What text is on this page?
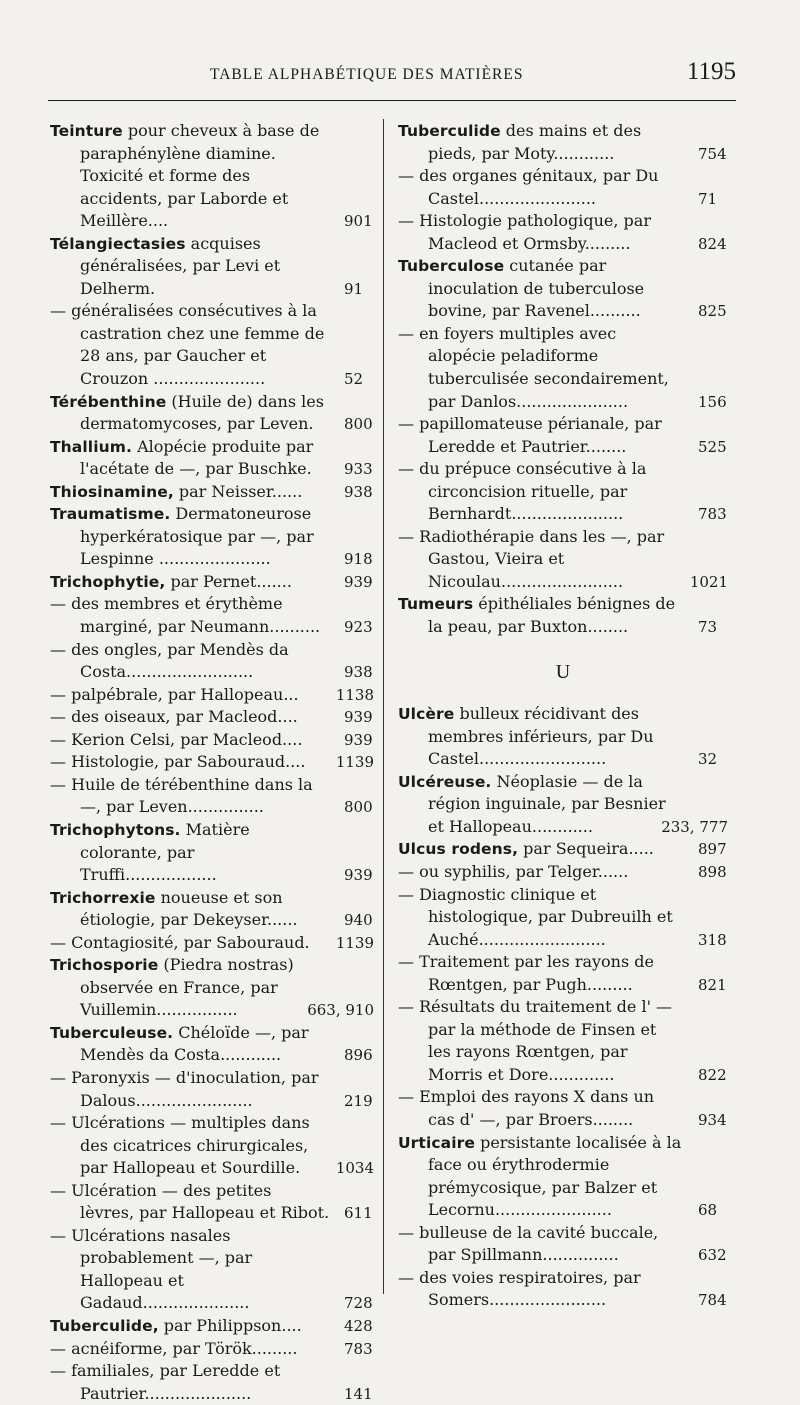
TABLE ALPHABÉTIQUE DES MATIÈRES	1195
Teinture pour cheveux à base de paraphénylène diamine. Toxicité et forme des accidents, par Laborde et Meillère....	901
Télangiectasies acquises généralisées, par Levi et Delherm.	91
— généralisées consécutives à la castration chez une femme de 28 ans, par Gaucher et Crouzon ......................	52
Térébenthine (Huile de) dans les dermatomycoses, par Leven.	800
Thallium. Alopécie produite par l'acétate de —, par Buschke.	933
Thiosinamine, par Neisser......	938
Traumatisme. Dermatoneurose hyperkératosique par —, par Lespinne ......................	918
Trichophytie, par Pernet.......	939
— des membres et érythème marginé, par Neumann..........	923
— des ongles, par Mendès da Costa.........................	938
— palpébrale, par Hallopeau...	1138
— des oiseaux, par Macleod....	939
— Kerion Celsi, par Macleod....	939
— Histologie, par Sabouraud....	1139
— Huile de térébenthine dans la —, par Leven...............	800
Trichophytons. Matière colorante, par Truffi..................	939
Trichorrexie noueuse et son étiologie, par Dekeyser......	940
— Contagiosité, par Sabouraud.	1139
Trichosporie (Piedra nostras) observée en France, par Vuillemin................	663, 910
Tuberculeuse. Chéloïde —, par Mendès da Costa............	896
— Paronyxis — d'inoculation, par Dalous.......................	219
— Ulcérations — multiples dans des cicatrices chirurgicales, par Hallopeau et Sourdille.	1034
— Ulcération — des petites lèvres, par Hallopeau et Ribot. 611
— Ulcérations nasales probablement —, par Hallopeau et Gadaud.....................	728
Tuberculide, par Philippson....	428
— acnéiforme, par Török.........	783
— familiales, par Leredde et Pautrier.....................	141
Tuberculide des mains et des pieds, par Moty............	754
— des organes génitaux, par Du Castel.......................	71
— Histologie pathologique, par Macleod et Ormsby.........	824
Tuberculose cutanée par inoculation de tuberculose bovine, par Ravenel..........	825
— en foyers multiples avec alopécie peladiforme tuberculisée secondairement, par Danlos......................	156
— papillomateuse périanale, par Leredde et Pautrier........	525
— du prépuce consécutive à la circoncision rituelle, par Bernhardt......................	783
— Radiothérapie dans les —, par Gastou, Vieira et Nicoulau........................	1021
Tumeurs épithéliales bénignes de la peau, par Buxton........	73
U
Ulcère bulleux récidivant des membres inférieurs, par Du Castel.........................	32
Ulcéreuse. Néoplasie — de la région inguinale, par Besnier et Hallopeau............	233, 777
Ulcus rodens, par Sequeira.....	897
— ou syphilis, par Telger......	898
— Diagnostic clinique et histologique, par Dubreuilh et Auché.........................	318
— Traitement par les rayons de Rœntgen, par Pugh.........	821
— Résultats du traitement de l' — par la méthode de Finsen et les rayons Rœntgen, par Morris et Dore.............	822
— Emploi des rayons X dans un cas d' —, par Broers........	934
Urticaire persistante localisée à la face ou érythrodermie prémycosique, par Balzer et Lecornu.......................	68
— bulleuse de la cavité buccale, par Spillmann...............	632
— des voies respiratoires, par Somers.......................	784
